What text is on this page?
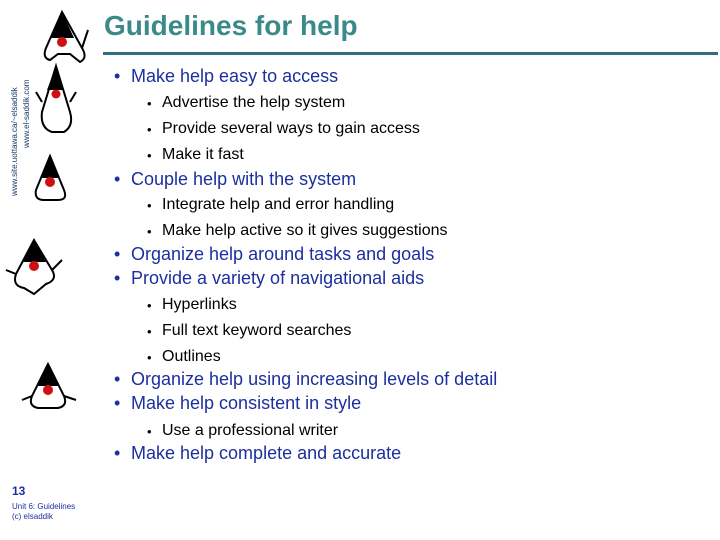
www.site.uottawa.ca/~elsaddik www.el-saddik.com
Guidelines for help
• Make help easy to access
• Advertise the help system
• Provide several ways to gain access
• Make it fast
• Couple help with the system
• Integrate help and error handling
• Make help active so it gives suggestions
• Organize help around tasks and goals
• Provide a variety of navigational aids
• Hyperlinks
• Full text keyword searches
• Outlines
• Organize help using increasing levels of detail
• Make help consistent in style
• Use a professional writer
• Make help complete and accurate
13
Unit 6: Guidelines
(c) elsaddik
